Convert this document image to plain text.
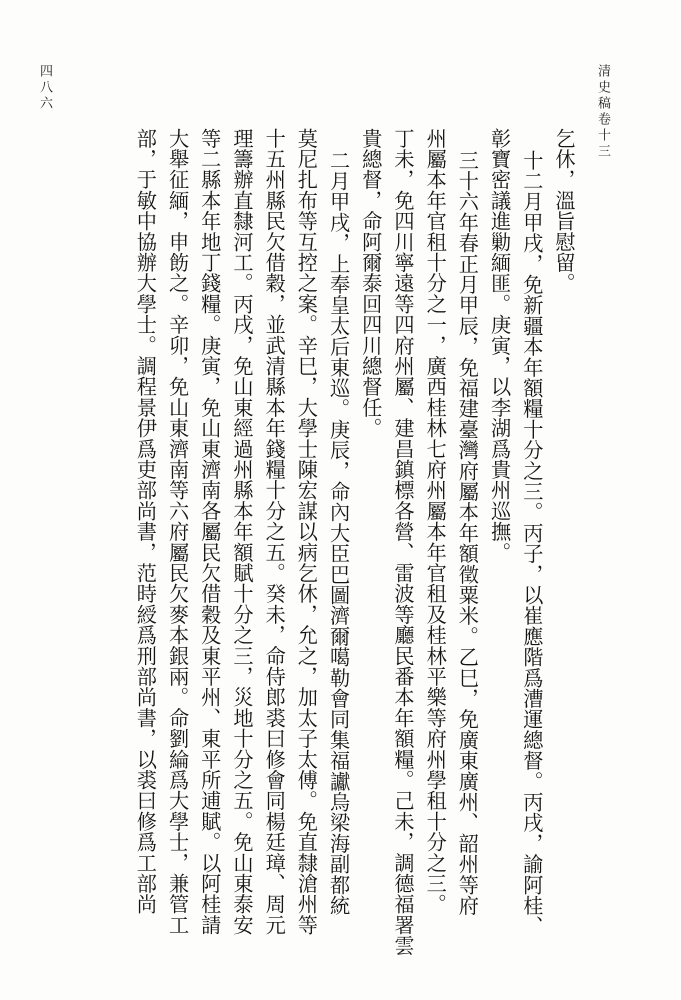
清史稿卷十三
四八六
乞休，溫旨慰留。
十二月甲戌，免新疆本年額糧十分之三。丙子，以崔應階爲漕運總督。丙戌，諭阿桂、
彰寶密議進勦緬匪。庚寅，以李湖爲貴州巡撫。
三十六年春正月甲辰，免福建臺灣府屬本年額徵粟米。乙巳，免廣東廣州、韶州等府
州屬本年官租十分之一，廣西桂林七府州屬本年官租及桂林平樂等府州學租十分之三。
丁未，免四川寧遠等四府州屬、建昌鎮標各營、雷波等廳民番本年額糧。己未，調德福署雲
貴總督，命阿爾泰回四川總督任。
二月甲戌，上奉皇太后東巡。庚辰，命內大臣巴圖濟爾噶勒會同集福讞烏梁海副都統
莫尼扎布等互控之案。辛巳，大學士陳宏謀以病乞休，允之，加太子太傅。免直隸滄州等
十五州縣民欠借穀，並武清縣本年錢糧十分之五。癸未，命侍郎裘曰修會同楊廷璋、周元
理籌辦直隸河工。丙戌，免山東經過州縣本年額賦十分之三，災地十分之五。免山東泰安
等二縣本年地丁錢糧。庚寅，免山東濟南各屬民欠借穀及東平州、東平所逋賦。以阿桂請
大舉征緬，申飭之。辛卯，免山東濟南等六府屬民欠麥本銀兩。命劉綸爲大學士，兼管工
部，于敏中協辦大學士。調程景伊爲吏部尚書，范時綬爲刑部尚書，以裘曰修爲工部尚
